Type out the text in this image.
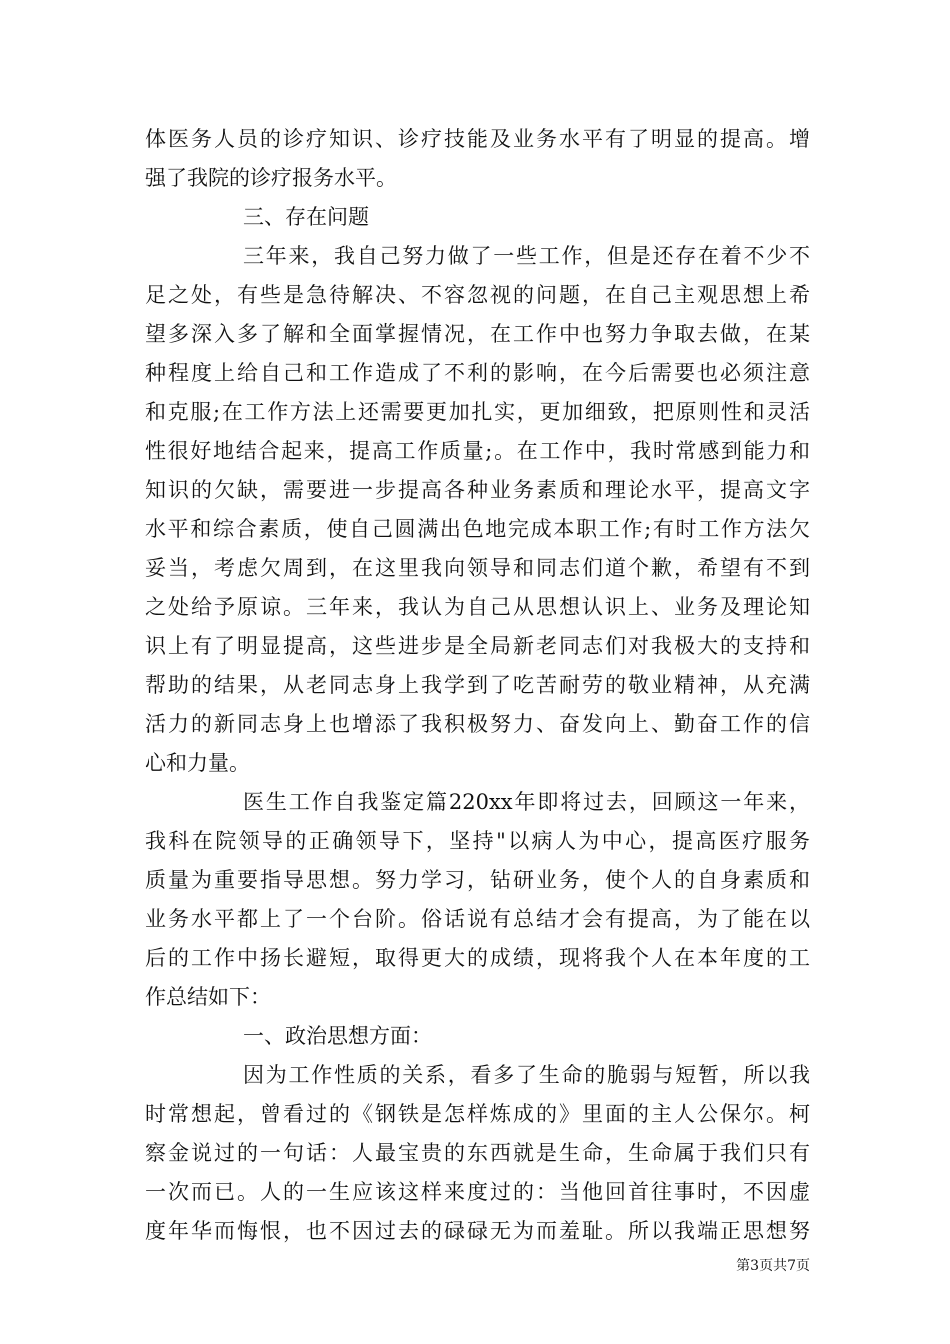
体医务人员的诊疗知识、诊疗技能及业务水平有了明显的提高。增
强了我院的诊疗报务水平。
三、存在问题
三年来，我自己努力做了一些工作，但是还存在着不少不
足之处，有些是急待解决、不容忽视的问题，在自己主观思想上希
望多深入多了解和全面掌握情况，在工作中也努力争取去做，在某
种程度上给自己和工作造成了不利的影响，在今后需要也必须注意
和克服;在工作方法上还需要更加扎实，更加细致，把原则性和灵活
性很好地结合起来，提高工作质量;。在工作中，我时常感到能力和
知识的欠缺，需要进一步提高各种业务素质和理论水平，提高文字
水平和综合素质，使自己圆满出色地完成本职工作;有时工作方法欠
妥当，考虑欠周到，在这里我向领导和同志们道个歉，希望有不到
之处给予原谅。三年来，我认为自己从思想认识上、业务及理论知
识上有了明显提高，这些进步是全局新老同志们对我极大的支持和
帮助的结果，从老同志身上我学到了吃苦耐劳的敬业精神，从充满
活力的新同志身上也增添了我积极努力、奋发向上、勤奋工作的信
心和力量。
医生工作自我鉴定篇220xx年即将过去，回顾这一年来，
我科在院领导的正确领导下，坚持"以病人为中心，提高医疗服务
质量为重要指导思想。努力学习，钻研业务，使个人的自身素质和
业务水平都上了一个台阶。俗话说有总结才会有提高，为了能在以
后的工作中扬长避短，取得更大的成绩，现将我个人在本年度的工
作总结如下：
一、政治思想方面：
因为工作性质的关系，看多了生命的脆弱与短暂，所以我
时常想起，曾看过的《钢铁是怎样炼成的》里面的主人公保尔。柯
察金说过的一句话：人最宝贵的东西就是生命，生命属于我们只有
一次而已。人的一生应该这样来度过的：当他回首往事时，不因虚
度年华而悔恨，也不因过去的碌碌无为而羞耻。所以我端正思想努
第3页共7页
